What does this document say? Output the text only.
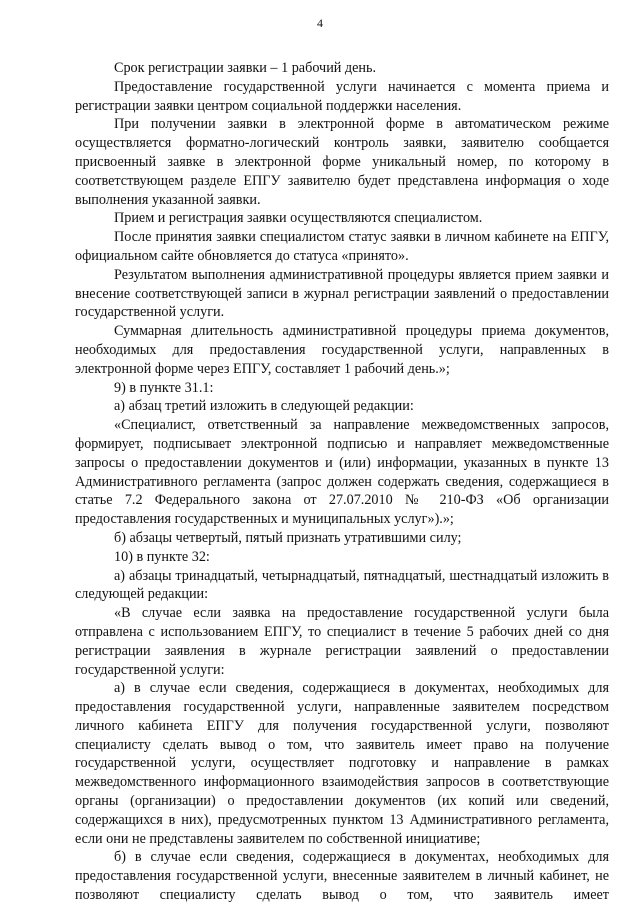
4

Срок регистрации заявки – 1 рабочий день.

Предоставление государственной услуги начинается с момента приема и регистрации заявки центром социальной поддержки населения.

При получении заявки в электронной форме в автоматическом режиме осуществляется форматно-логический контроль заявки, заявителю сообщается присвоенный заявке в электронной форме уникальный номер, по которому в соответствующем разделе ЕПГУ заявителю будет представлена информация о ходе выполнения указанной заявки.

Прием и регистрация заявки осуществляются специалистом.

После принятия заявки специалистом статус заявки в личном кабинете на ЕПГУ, официальном сайте обновляется до статуса «принято».

Результатом выполнения административной процедуры является прием заявки и внесение соответствующей записи в журнал регистрации заявлений о предоставлении государственной услуги.

Суммарная длительность административной процедуры приема документов, необходимых для предоставления государственной услуги, направленных в электронной форме через ЕПГУ, составляет 1 рабочий день.»;

9) в пункте 31.1:

а) абзац третий изложить в следующей редакции:

«Специалист, ответственный за направление межведомственных запросов, формирует, подписывает электронной подписью и направляет межведомственные запросы о предоставлении документов и (или) информации, указанных в пункте 13 Административного регламента (запрос должен содержать сведения, содержащиеся в статье 7.2 Федерального закона от 27.07.2010 № 210-ФЗ «Об организации предоставления государственных и муниципальных услуг»).»;

б) абзацы четвертый, пятый признать утратившими силу;

10) в пункте 32:

а) абзацы тринадцатый, четырнадцатый, пятнадцатый, шестнадцатый изложить в следующей редакции:

«В случае если заявка на предоставление государственной услуги была отправлена с использованием ЕПГУ, то специалист в течение 5 рабочих дней со дня регистрации заявления в журнале регистрации заявлений о предоставлении государственной услуги:

а) в случае если сведения, содержащиеся в документах, необходимых для предоставления государственной услуги, направленные заявителем посредством личного кабинета ЕПГУ для получения государственной услуги, позволяют специалисту сделать вывод о том, что заявитель имеет право на получение государственной услуги, осуществляет подготовку и направление в рамках межведомственного информационного взаимодействия запросов в соответствующие органы (организации) о предоставлении документов (их копий или сведений, содержащихся в них), предусмотренных пунктом 13 Административного регламента, если они не представлены заявителем по собственной инициативе;

б) в случае если сведения, содержащиеся в документах, необходимых для предоставления государственной услуги, внесенные заявителем в личный кабинет, не позволяют специалисту сделать вывод о том, что заявитель имеет
